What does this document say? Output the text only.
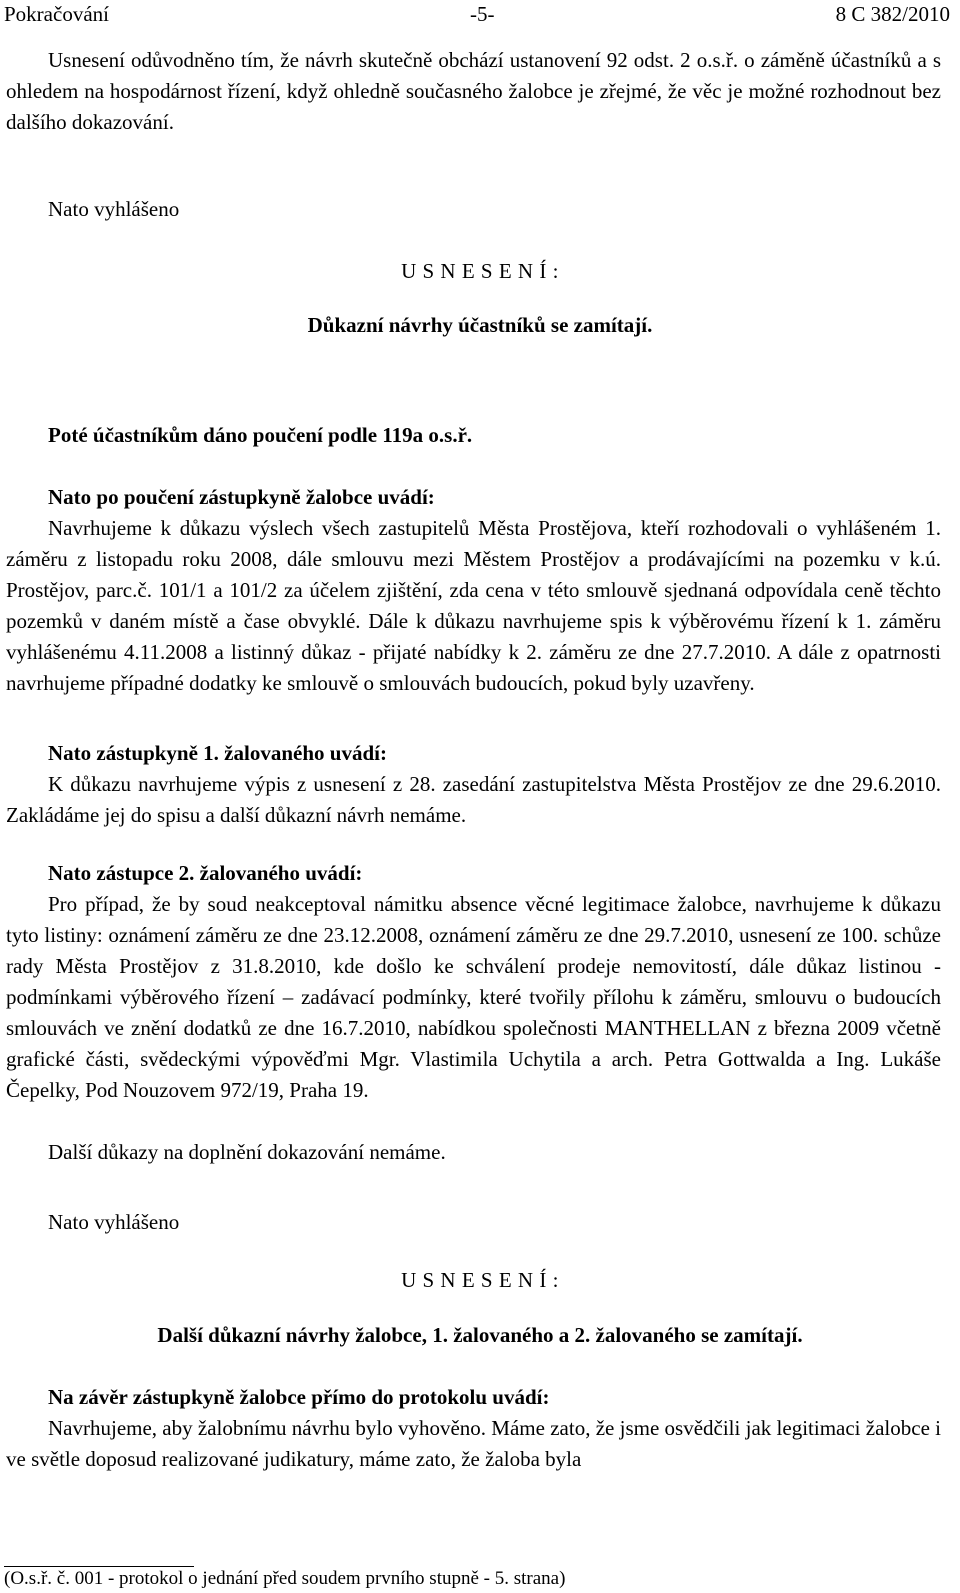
Pokračování	-5-	8 C 382/2010
Usnesení odůvodněno tím, že návrh skutečně obchází ustanovení 92 odst. 2 o.s.ř. o záměně účastníků a s ohledem na hospodárnost řízení, když ohledně současného žalobce je zřejmé, že věc je možné rozhodnout bez dalšího dokazování.
Nato vyhlášeno
U S N E S E N Í :
Důkazní návrhy účastníků se zamítají.
Poté účastníkům dáno poučení podle 119a o.s.ř.
Nato po poučení zástupkyně žalobce uvádí:
Navrhujeme k důkazu výslech všech zastupitelů Města Prostějova, kteří rozhodovali o vyhlášeném 1. záměru z listopadu roku 2008, dále smlouvu mezi Městem Prostějov a prodávajícími na pozemku v k.ú. Prostějov, parc.č. 101/1 a 101/2 za účelem zjištění, zda cena v této smlouvě sjednaná odpovídala ceně těchto pozemků v daném místě a čase obvyklé. Dále k důkazu navrhujeme spis k výběrovému řízení k 1. záměru vyhlášenému 4.11.2008 a listinný důkaz - přijaté nabídky k 2. záměru ze dne 27.7.2010. A dále z opatrnosti navrhujeme případné dodatky ke smlouvě o smlouvách budoucích, pokud byly uzavřeny.
Nato zástupkyně 1. žalovaného uvádí:
K důkazu navrhujeme výpis z usnesení z 28. zasedání zastupitelstva Města Prostějov ze dne 29.6.2010. Zakládáme jej do spisu a další důkazní návrh nemáme.
Nato zástupce 2. žalovaného uvádí:
Pro případ, že by soud neakceptoval námitku absence věcné legitimace žalobce, navrhujeme k důkazu tyto listiny: oznámení záměru ze dne 23.12.2008, oznámení záměru ze dne 29.7.2010, usnesení ze 100. schůze rady Města Prostějov z 31.8.2010, kde došlo ke schválení prodeje nemovitostí, dále důkaz listinou - podmínkami výběrového řízení – zadávací podmínky, které tvořily přílohu k záměru, smlouvu o budoucích smlouvách ve znění dodatků ze dne 16.7.2010, nabídkou společnosti MANTHELLAN z března 2009 včetně grafické části, svědeckými výpověďmi Mgr. Vlastimila Uchytila a arch. Petra Gottwalda a Ing. Lukáše Čepelky, Pod Nouzovem 972/19, Praha 19.
Další důkazy na doplnění dokazování nemáme.
Nato vyhlášeno
U S N E S E N Í :
Další důkazní návrhy žalobce, 1. žalovaného a 2. žalovaného se zamítají.
Na závěr zástupkyně žalobce přímo do protokolu uvádí:
Navrhujeme, aby žalobnímu návrhu bylo vyhověno. Máme zato, že jsme osvědčili jak legitimaci žalobce i ve světle doposud realizované judikatury, máme zato, že žaloba byla
(O.s.ř. č. 001 - protokol o jednání před soudem prvního stupně - 5. strana)
